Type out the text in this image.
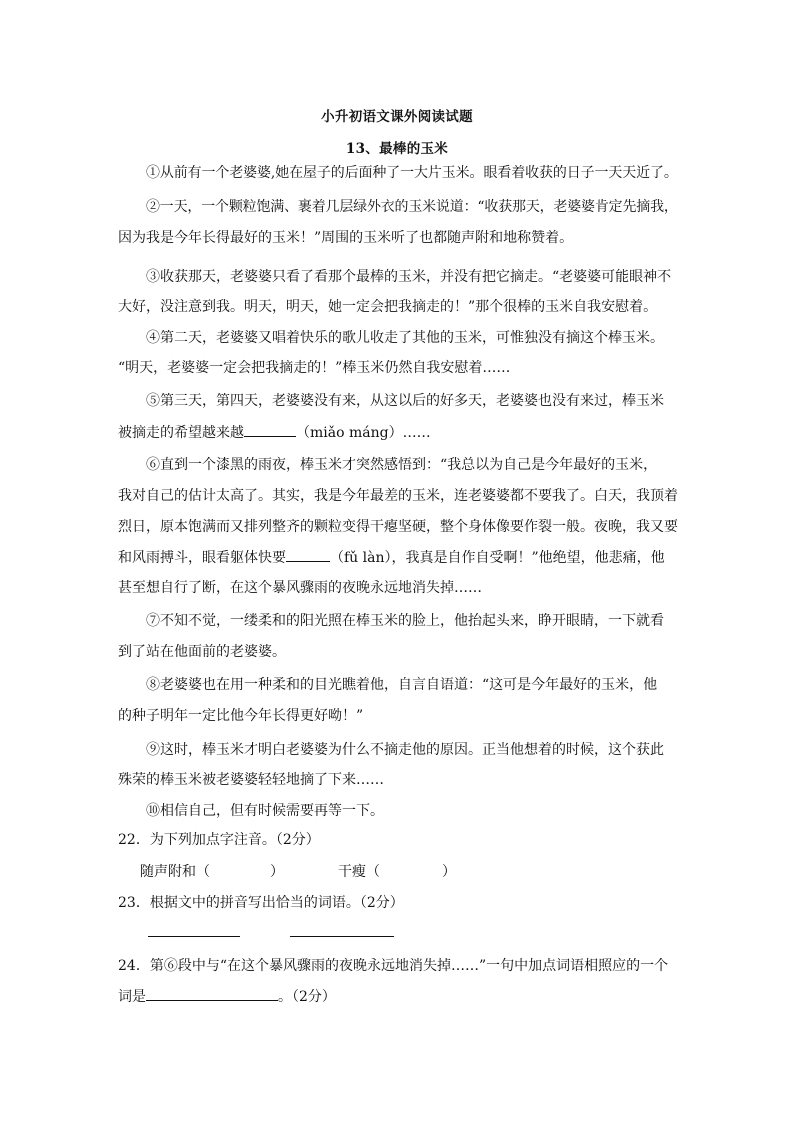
小升初语文课外阅读试题
13、最棒的玉米
①从前有一个老婆婆,她在屋子的后面种了一大片玉米。眼看着收获的日子一天天近了。
②一天，一个颗粒饱满、裹着几层绿外衣的玉米说道：“收获那天，老婆婆肯定先摘我，
因为我是今年长得最好的玉米！”周围的玉米听了也都随声附和地称赞着。
③收获那天，老婆婆只看了看那个最棒的玉米，并没有把它摘走。“老婆婆可能眼神不
大好，没注意到我。明天，明天，她一定会把我摘走的！”那个很棒的玉米自我安慰着。
④第二天，老婆婆又唱着快乐的歌儿收走了其他的玉米，可惟独没有摘这个棒玉米。
“明天，老婆婆一定会把我摘走的！”棒玉米仍然自我安慰着……
⑤第三天，第四天，老婆婆没有来，从这以后的好多天，老婆婆也没有来过，棒玉米
被摘走的希望越来越	（miǎo máng）……
⑥直到一个漆黑的雨夜，棒玉米才突然感悟到：“我总以为自己是今年最好的玉米，
我对自己的估计太高了。其实，我是今年最差的玉米，连老婆婆都不要我了。白天，我顶着
烈日，原本饱满而又排列整齐的颗粒变得干瘪坚硬，整个身体像要作裂一般。夜晚，我又要
和风雨搏斗，眼看躯体快要	（fǔ làn），我真是自作自受啊！”他绝望，他悲痛，他
甚至想自行了断，在这个暴风骤雨的夜晚永远地消失掉……
⑦不知不觉，一缕柔和的阳光照在棒玉米的脸上，他抬起头来，睁开眼睛，一下就看
到了站在他面前的老婆婆。
⑧老婆婆也在用一种柔和的目光瞧着他，自言自语道：“这可是今年最好的玉米，他
的种子明年一定比他今年长得更好呦！”
⑨这时，棒玉米才明白老婆婆为什么不摘走他的原因。正当他想着的时候，这个获此
殊荣的棒玉米被老婆婆轻轻地摘了下来……
⑩相信自己，但有时候需要再等一下。
22．为下列加点字注音。（2分）
随声附和（	）	干瘦（	）
23．根据文中的拼音写出恰当的词语。（2分）
24．第⑥段中与“在这个暴风骤雨的夜晚永远地消失掉……”一句中加点词语相照应的一个
词是	。（2分）
